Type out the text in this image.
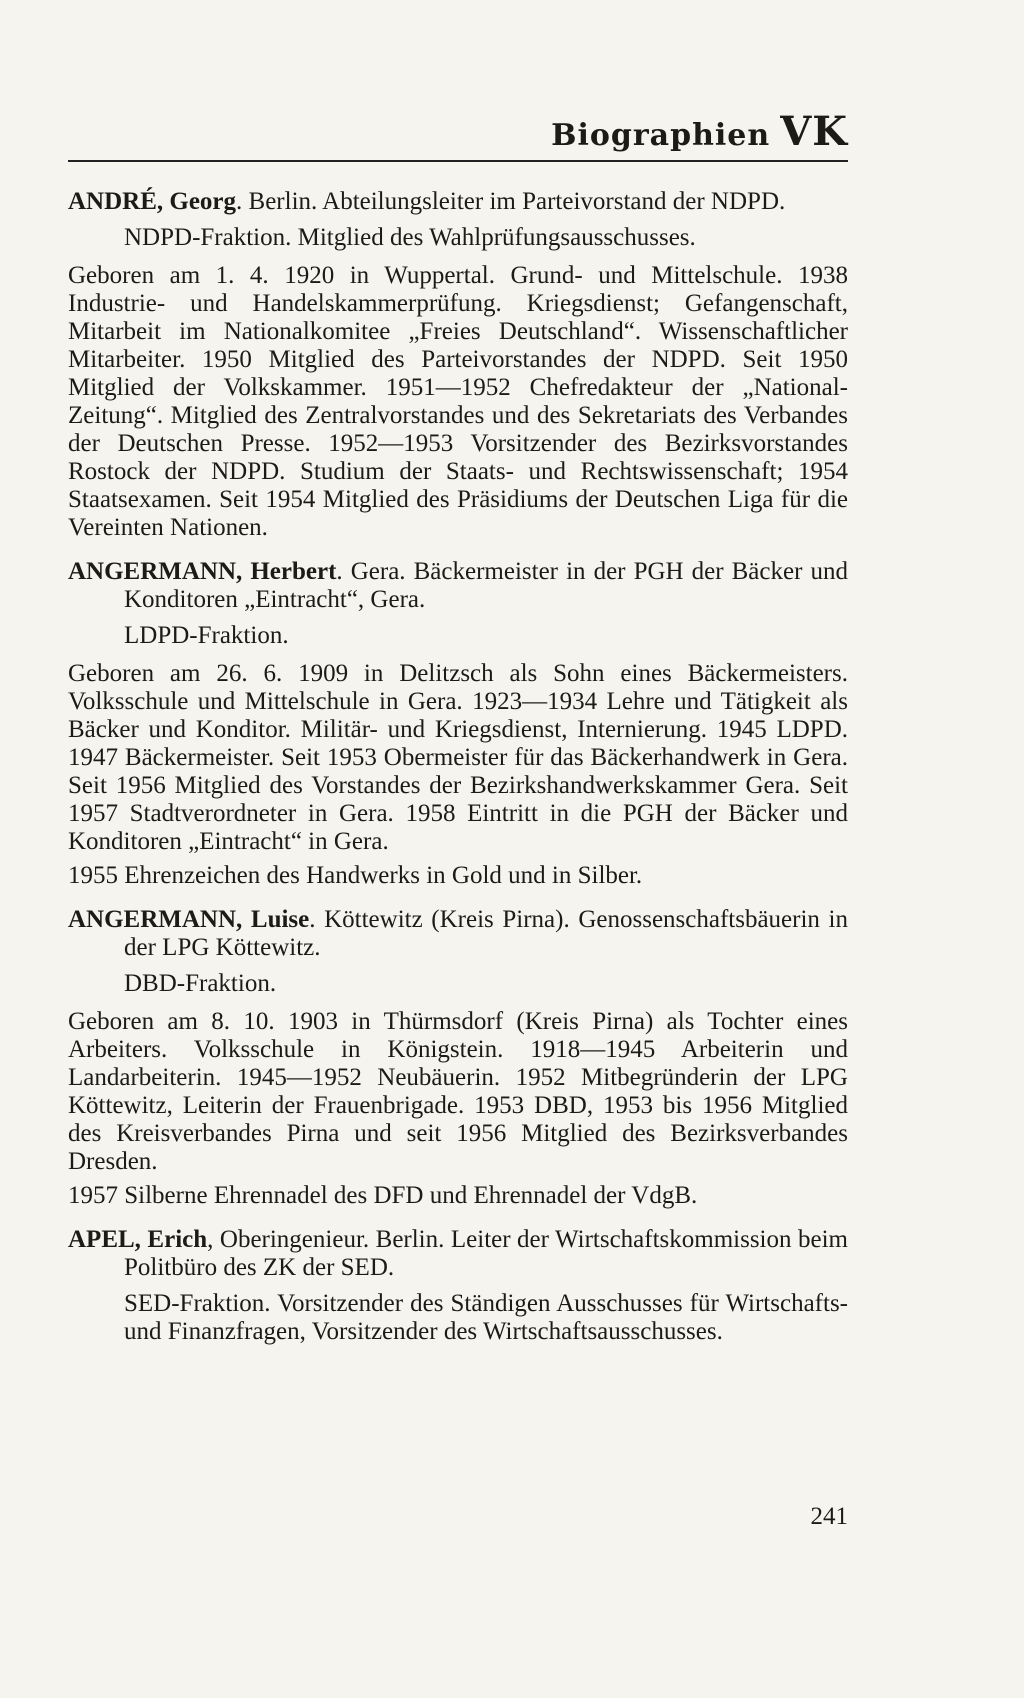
Biographien VK
ANDRÉ, Georg. Berlin. Abteilungsleiter im Parteivorstand der NDPD.
NDPD-Fraktion. Mitglied des Wahlprüfungsausschusses.
Geboren am 1. 4. 1920 in Wuppertal. Grund- und Mittelschule. 1938 Industrie- und Handelskammerprüfung. Kriegsdienst; Gefangenschaft, Mitarbeit im Nationalkomitee „Freies Deutschland“. Wissenschaftlicher Mitarbeiter. 1950 Mitglied des Parteivorstandes der NDPD. Seit 1950 Mitglied der Volkskammer. 1951—1952 Chefredakteur der „National-Zeitung“. Mitglied des Zentralvorstandes und des Sekretariats des Verbandes der Deutschen Presse. 1952—1953 Vorsitzender des Bezirksvorstandes Rostock der NDPD. Studium der Staats- und Rechtswissenschaft; 1954 Staatsexamen. Seit 1954 Mitglied des Präsidiums der Deutschen Liga für die Vereinten Nationen.
ANGERMANN, Herbert. Gera. Bäckermeister in der PGH der Bäcker und Konditoren „Eintracht“, Gera.
LDPD-Fraktion.
Geboren am 26. 6. 1909 in Delitzsch als Sohn eines Bäckermeisters. Volksschule und Mittelschule in Gera. 1923—1934 Lehre und Tätigkeit als Bäcker und Konditor. Militär- und Kriegsdienst, Internierung. 1945 LDPD. 1947 Bäckermeister. Seit 1953 Obermeister für das Bäckerhandwerk in Gera. Seit 1956 Mitglied des Vorstandes der Bezirkshandwerkskammer Gera. Seit 1957 Stadtverordneter in Gera. 1958 Eintritt in die PGH der Bäcker und Konditoren „Eintracht“ in Gera.
1955 Ehrenzeichen des Handwerks in Gold und in Silber.
ANGERMANN, Luise. Köttewitz (Kreis Pirna). Genossenschaftsbäuerin in der LPG Köttewitz.
DBD-Fraktion.
Geboren am 8. 10. 1903 in Thürmsdorf (Kreis Pirna) als Tochter eines Arbeiters. Volksschule in Königstein. 1918—1945 Arbeiterin und Landarbeiterin. 1945—1952 Neubäuerin. 1952 Mitbegründerin der LPG Köttewitz, Leiterin der Frauenbrigade. 1953 DBD, 1953 bis 1956 Mitglied des Kreisverbandes Pirna und seit 1956 Mitglied des Bezirksverbandes Dresden.
1957 Silberne Ehrennadel des DFD und Ehrennadel der VdgB.
APEL, Erich, Oberingenieur. Berlin. Leiter der Wirtschaftskommission beim Politbüro des ZK der SED.
SED-Fraktion. Vorsitzender des Ständigen Ausschusses für Wirtschafts- und Finanzfragen, Vorsitzender des Wirtschaftsausschusses.
241
